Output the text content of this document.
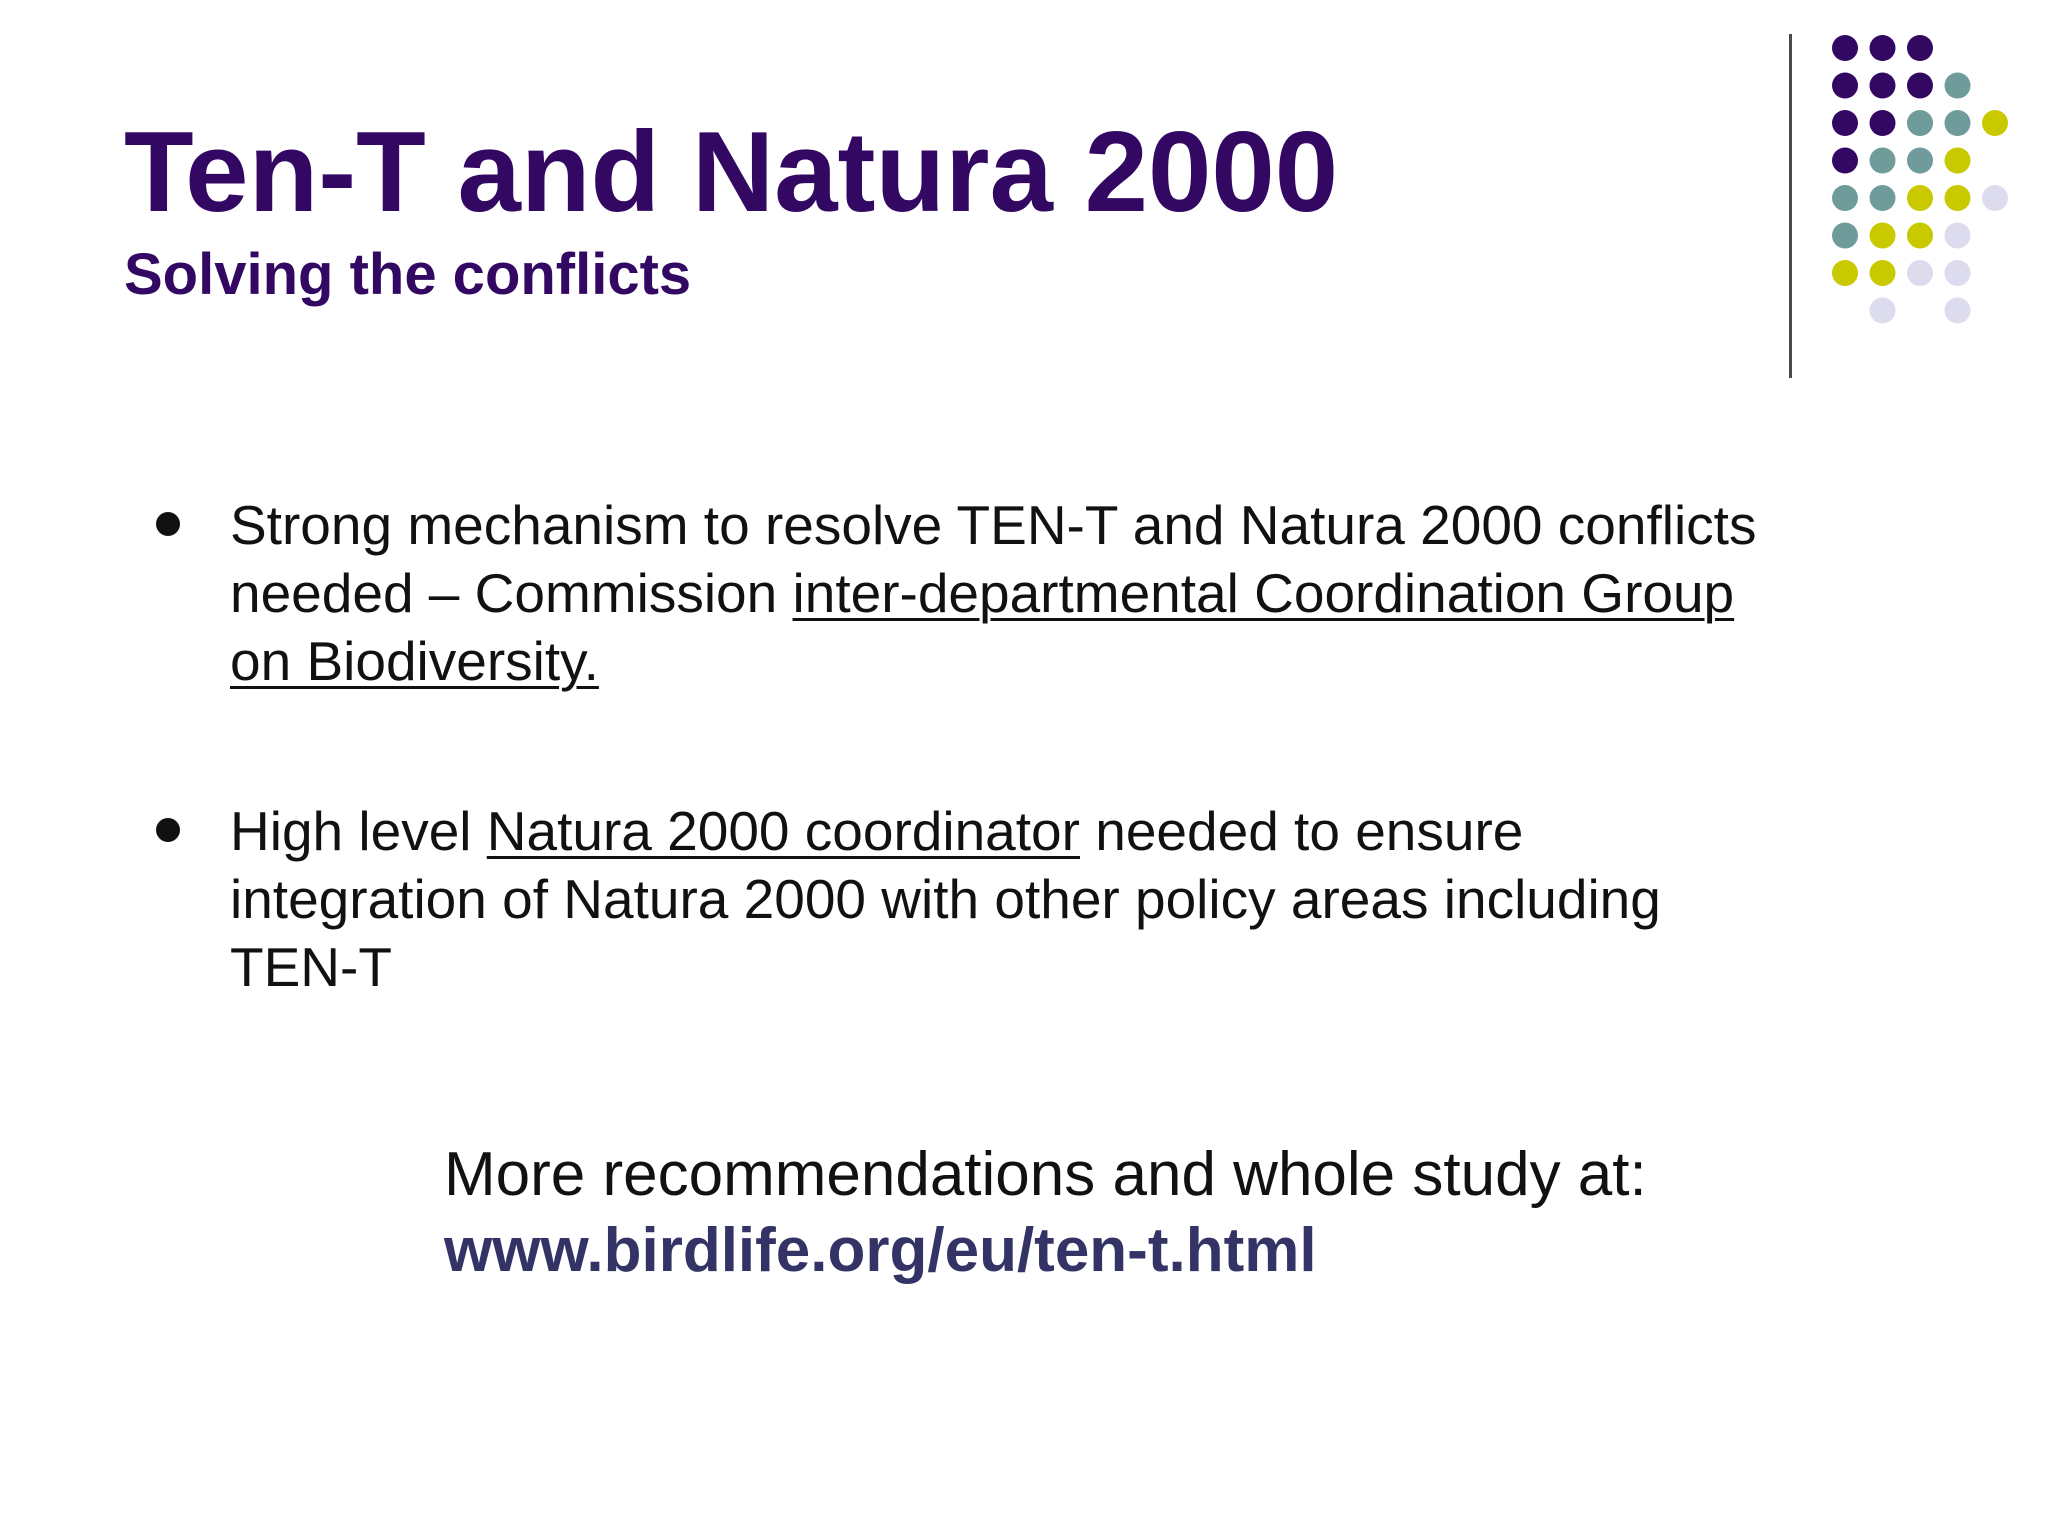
Ten-T and Natura 2000
Solving the conflicts
Strong mechanism to resolve TEN-T and Natura 2000 conflicts needed – Commission inter-departmental Coordination Group on Biodiversity.
High level Natura 2000 coordinator needed to ensure integration of Natura 2000 with other policy areas including TEN-T
More recommendations and whole study at:
www.birdlife.org/eu/ten-t.html
